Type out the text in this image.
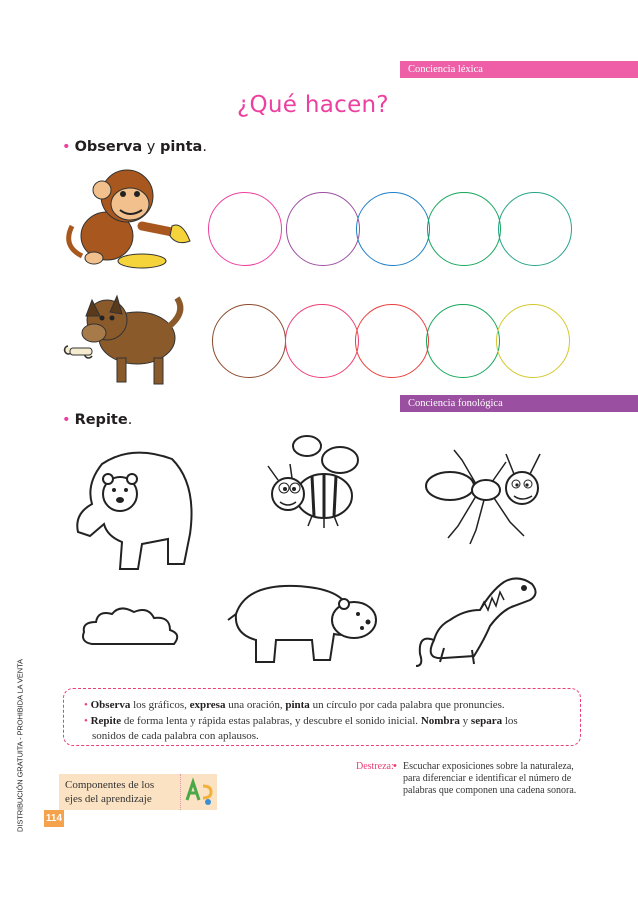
Conciencia léxica
¿Qué hacen?
• Observa y pinta.
Conciencia fonológica
• Repite.
DISTRIBUCIÓN GRATUITA - PROHIBIDA LA VENTA	• Observa los gráficos, expresa una oración, pinta un círculo por cada palabra que pronuncies.
• Repite de forma lenta y rápida estas palabras, y descubre el sonido inicial. Nombra y separa los
sonidos de cada palabra con aplausos.
Destreza: • Escuchar exposiciones sobre la naturaleza, para diferenciar e identificar el número de palabras que componen una cadena sonora.
Componentes de los
ejes del aprendizaje
114
